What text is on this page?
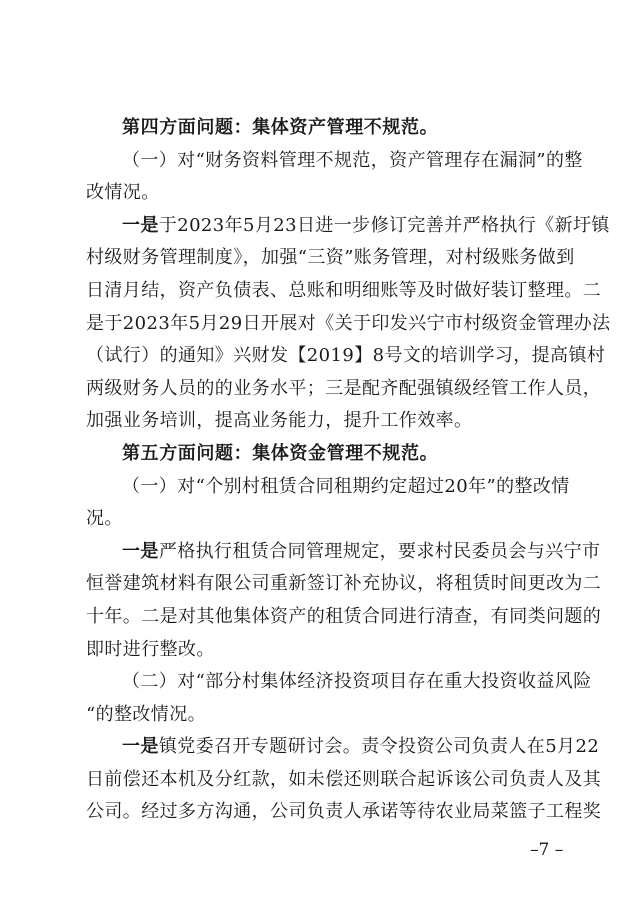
第四方面问题：集体资产管理不规范。
（一）对“财务资料管理不规范，资产管理存在漏洞”的整
改情况。
一是于2023年5月23日进一步修订完善并严格执行《新圩镇
村级财务管理制度》，加强“三资”账务管理，对村级账务做到
日清月结，资产负债表、总账和明细账等及时做好装订整理。二
是于2023年5月29日开展对《关于印发兴宁市村级资金管理办法
（试行）的通知》兴财发【2019】8号文的培训学习，提高镇村
两级财务人员的的业务水平；三是配齐配强镇级经管工作人员，
加强业务培训，提高业务能力，提升工作效率。
第五方面问题：集体资金管理不规范。
（一）对“个别村租赁合同租期约定超过20年”的整改情
况。
一是严格执行租赁合同管理规定，要求村民委员会与兴宁市
恒誉建筑材料有限公司重新签订补充协议，将租赁时间更改为二
十年。二是对其他集体资产的租赁合同进行清查，有同类问题的
即时进行整改。
（二）对“部分村集体经济投资项目存在重大投资收益风险
“的整改情况。
一是镇党委召开专题研讨会。责令投资公司负责人在5月22
日前偿还本机及分红款，如未偿还则联合起诉该公司负责人及其
公司。经过多方沟通，公司负责人承诺等待农业局菜篮子工程奖
–7 –
